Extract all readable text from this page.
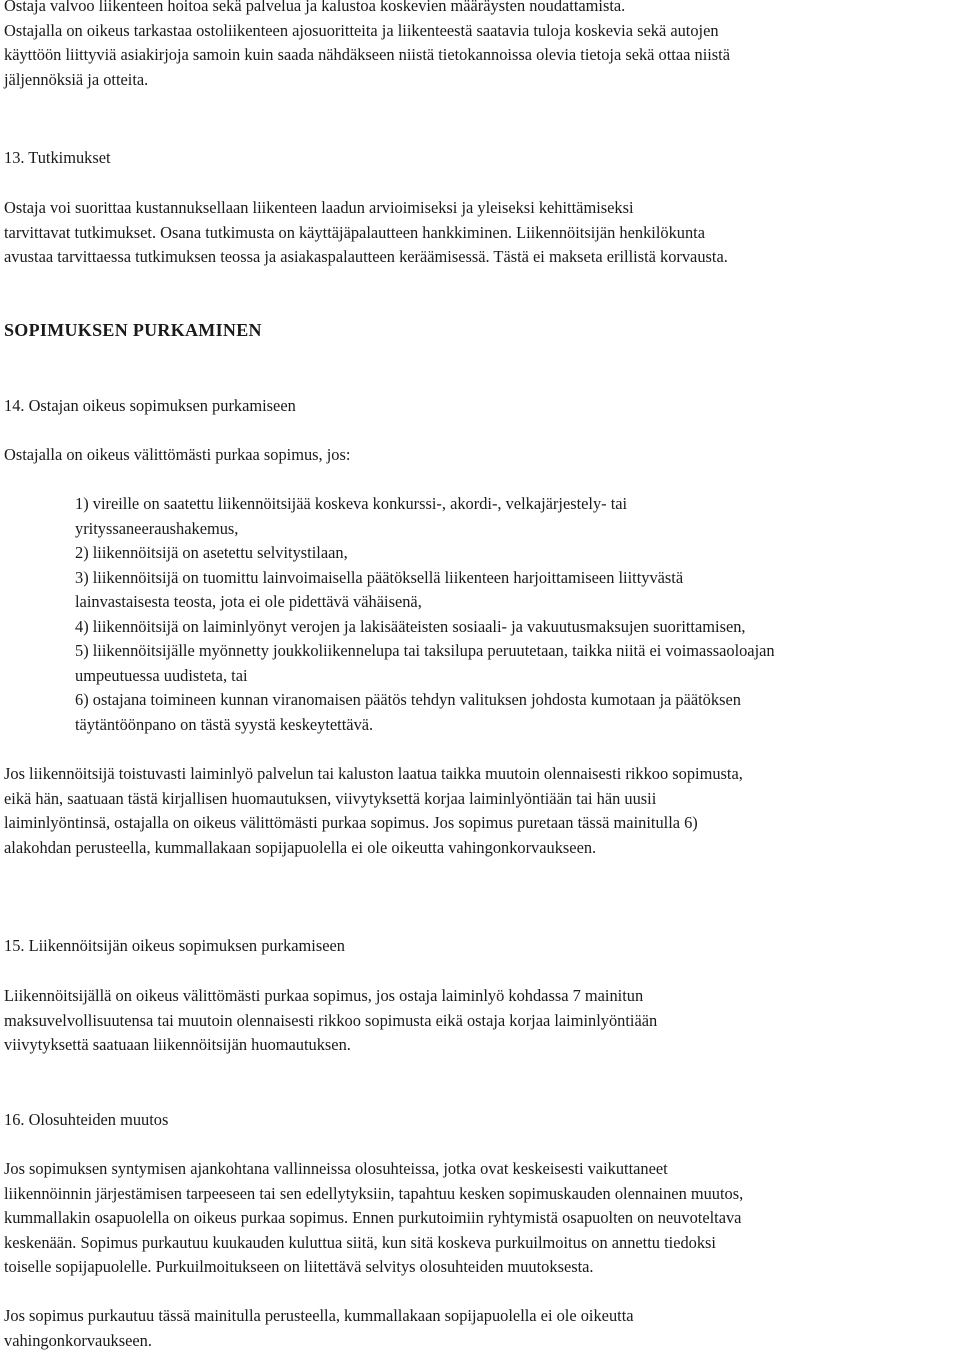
Ostaja valvoo liikenteen hoitoa sekä palvelua ja kalustoa koskevien määräysten noudattamista.
Ostajalla on oikeus tarkastaa ostoliikenteen ajosuoritteita ja liikenteestä saatavia tuloja koskevia sekä autojen
käyttöön liittyviä asiakirjoja samoin kuin saada nähdäkseen niistä tietokannoissa olevia tietoja sekä ottaa niistä
jäljennöksiä ja otteita.

13. Tutkimukset

Ostaja voi suorittaa kustannuksellaan liikenteen laadun arvioimiseksi ja yleiseksi kehittämiseksi
tarvittavat tutkimukset. Osana tutkimusta on käyttäjäpalautteen hankkiminen. Liikennöitsijän henkilökunta
avustaa tarvittaessa tutkimuksen teossa ja asiakaspalautteen keräämisessä. Tästä ei makseta erillistä korvausta.

SOPIMUKSEN PURKAMINEN

14. Ostajan oikeus sopimuksen purkamiseen

Ostajalla on oikeus välittömästi purkaa sopimus, jos:

1) vireille on saatettu liikennöitsijää koskeva konkurssi-, akordi-, velkajärjestely- tai
yrityssaneeraushakemus,
2) liikennöitsijä on asetettu selvitystilaan,
3) liikennöitsijä on tuomittu lainvoimaisella päätöksellä liikenteen harjoittamiseen liittyvästä
lainvastaisesta teosta, jota ei ole pidettävä vähäisenä,
4) liikennöitsijä on laiminlyönyt verojen ja lakisääteisten sosiaali- ja vakuutusmaksujen suorittamisen,
5) liikennöitsijälle myönnetty joukkoliikennelupa tai taksilupa peruutetaan, taikka niitä ei voimassaoloajan
umpeutuessa uudisteta, tai
6) ostajana toimineen kunnan viranomaisen päätös tehdyn valituksen johdosta kumotaan ja päätöksen
täytäntöönpano on tästä syystä keskeytettävä.

Jos liikennöitsijä toistuvasti laiminlyö palvelun tai kaluston laatua taikka muutoin olennaisesti rikkoo sopimusta,
eikä hän, saatuaan tästä kirjallisen huomautuksen, viivytyksettä korjaa laiminlyöntiään tai hän uusii
laiminlyöntinsä, ostajalla on oikeus välittömästi purkaa sopimus. Jos sopimus puretaan tässä mainitulla 6)
alakohdan perusteella, kummallakaan sopijapuolella ei ole oikeutta vahingonkorvaukseen.

15. Liikennöitsijän oikeus sopimuksen purkamiseen

Liikennöitsijällä on oikeus välittömästi purkaa sopimus, jos ostaja laiminlyö kohdassa 7 mainitun
maksuvelvollisuutensa tai muutoin olennaisesti rikkoo sopimusta eikä ostaja korjaa laiminlyöntiään
viivytyksettä saatuaan liikennöitsijän huomautuksen.

16. Olosuhteiden muutos

Jos sopimuksen syntymisen ajankohtana vallinneissa olosuhteissa, jotka ovat keskeisesti vaikuttaneet
liikennöinnin järjestämisen tarpeeseen tai sen edellytyksiin, tapahtuu kesken sopimuskauden olennainen muutos,
kummallakin osapuolella on oikeus purkaa sopimus. Ennen purkutoimiin ryhtymistä osapuolten on neuvoteltava
keskenään. Sopimus purkautuu kuukauden kuluttua siitä, kun sitä koskeva purkuilmoitus on annettu tiedoksi
toiselle sopijapuolelle. Purkuilmoitukseen on liitettävä selvitys olosuhteiden muutoksesta.

Jos sopimus purkautuu tässä mainitulla perusteella, kummallakaan sopijapuolella ei ole oikeutta
vahingonkorvaukseen.
